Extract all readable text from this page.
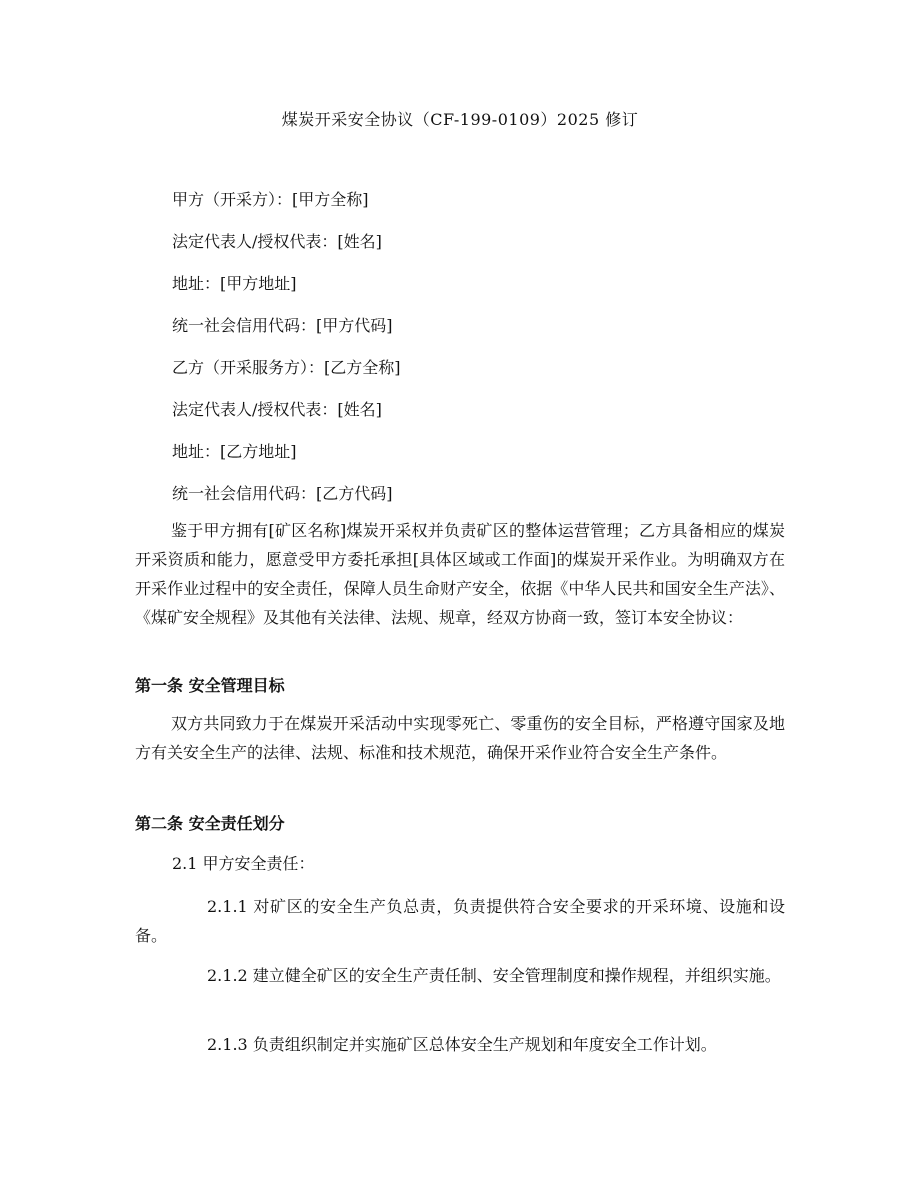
煤炭开采安全协议（CF-199-0109）2025 修订
甲方（开采方）：[甲方全称]
法定代表人/授权代表：[姓名]
地址：[甲方地址]
统一社会信用代码：[甲方代码]
乙方（开采服务方）：[乙方全称]
法定代表人/授权代表：[姓名]
地址：[乙方地址]
统一社会信用代码：[乙方代码]
鉴于甲方拥有[矿区名称]煤炭开采权并负责矿区的整体运营管理；乙方具备相应的煤炭开采资质和能力，愿意受甲方委托承担[具体区域或工作面]的煤炭开采作业。为明确双方在开采作业过程中的安全责任，保障人员生命财产安全，依据《中华人民共和国安全生产法》、《煤矿安全规程》及其他有关法律、法规、规章，经双方协商一致，签订本安全协议：
第一条 安全管理目标
双方共同致力于在煤炭开采活动中实现零死亡、零重伤的安全目标，严格遵守国家及地方有关安全生产的法律、法规、标准和技术规范，确保开采作业符合安全生产条件。
第二条 安全责任划分
2.1 甲方安全责任：
2.1.1 对矿区的安全生产负总责，负责提供符合安全要求的开采环境、设施和设备。
2.1.2 建立健全矿区的安全生产责任制、安全管理制度和操作规程，并组织实施。
2.1.3 负责组织制定并实施矿区总体安全生产规划和年度安全工作计划。
